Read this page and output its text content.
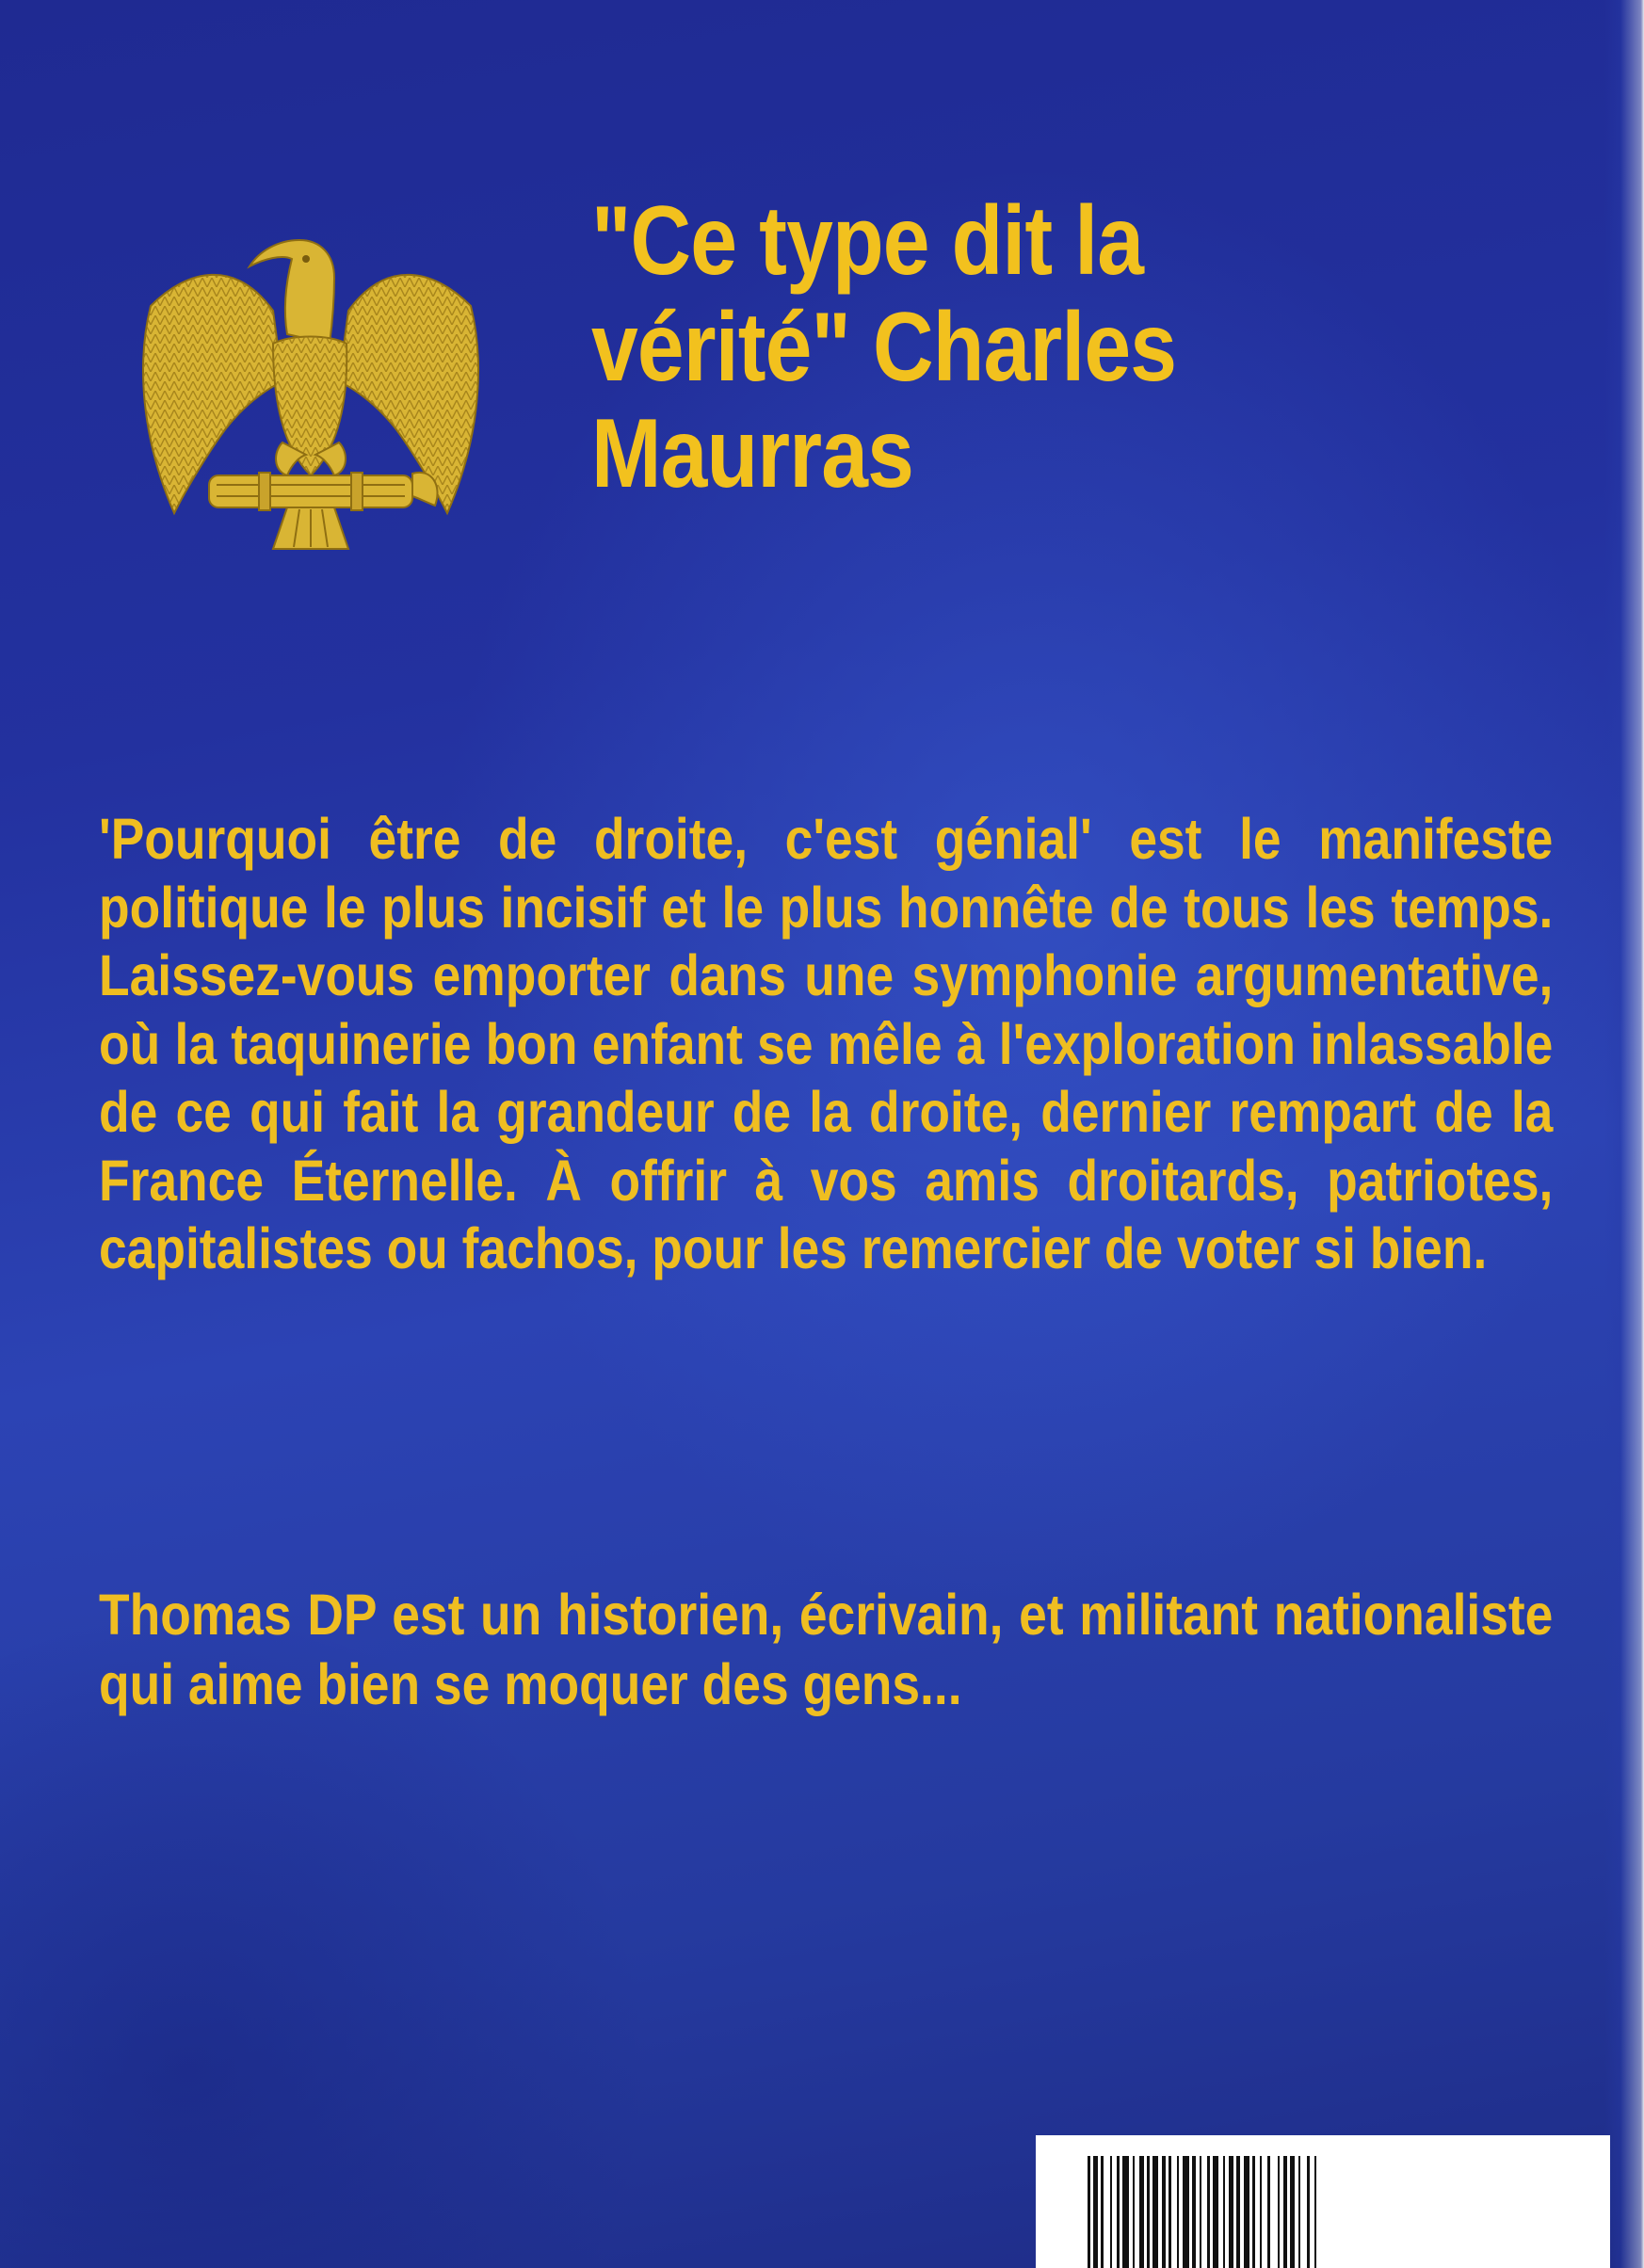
"Ce type dit la
vérité" Charles
Maurras

'Pourquoi être de droite, c'est génial' est le manifeste politique le plus incisif et le plus honnête de tous les temps. Laissez-vous emporter dans une symphonie argumentative, où la taquinerie bon enfant se mêle à l'exploration inlassable de ce qui fait la grandeur de la droite, dernier rempart de la France Éternelle. À offrir à vos amis droitards, patriotes, capitalistes ou fachos, pour les remercier de voter si bien.

Thomas DP est un historien, écrivain, et militant nationaliste qui aime bien se moquer des gens...
